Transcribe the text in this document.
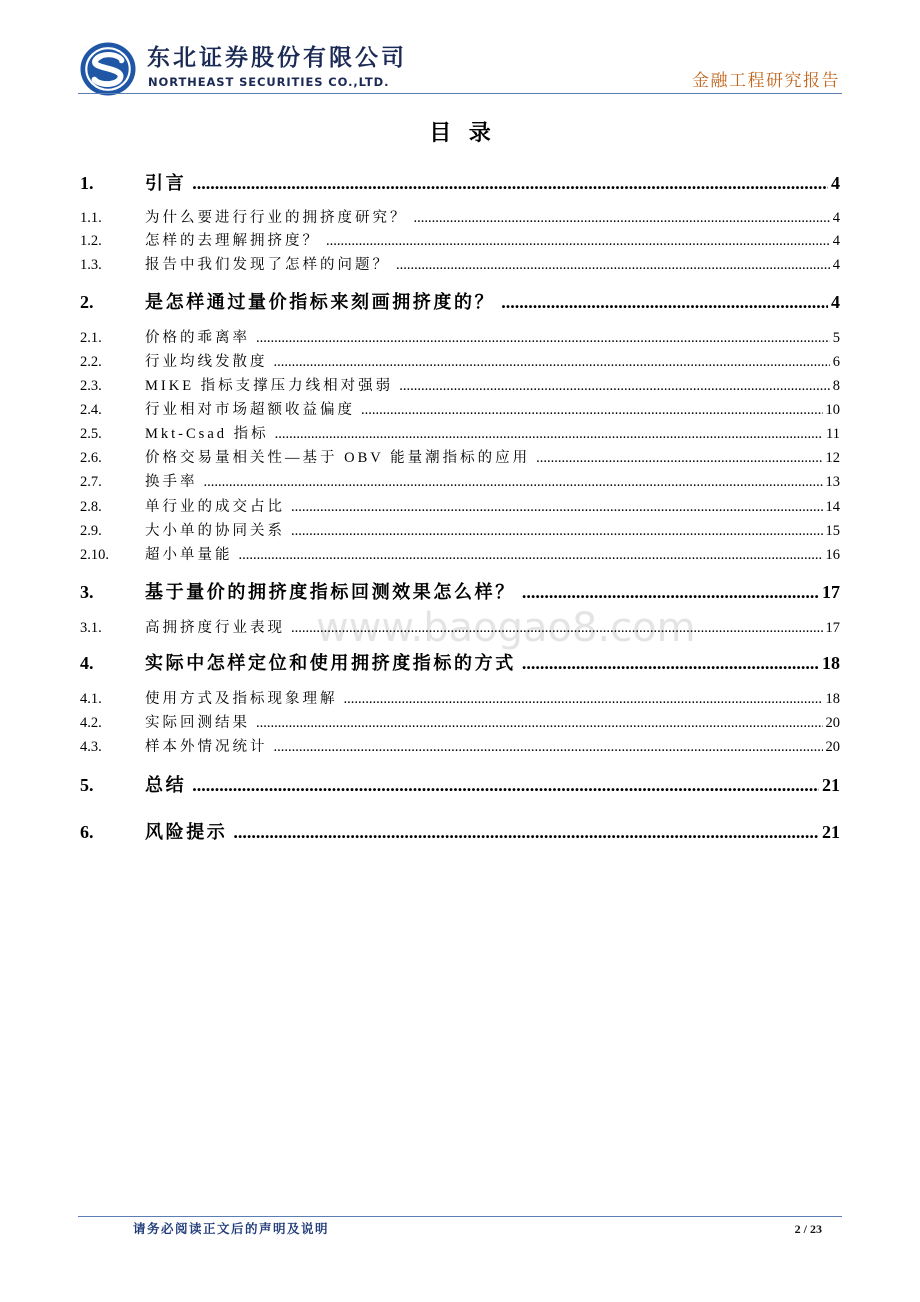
东北证券股份有限公司
NORTHEAST SECURITIES CO.,LTD.	金融工程研究报告
目 录
www.baogao8.com
1.	引言 .....	4
1.1.	为什么要进行行业的拥挤度研究？ .....	4
1.2.	怎样的去理解拥挤度？ .....	4
1.3.	报告中我们发现了怎样的问题？ .....	4
2.	是怎样通过量价指标来刻画拥挤度的？ .....	4
2.1.	价格的乖离率 .....	5
2.2.	行业均线发散度 .....	6
2.3.	MIKE 指标支撑压力线相对强弱 .....	8
2.4.	行业相对市场超额收益偏度 .....	10
2.5.	Mkt-Csad 指标 .....	11
2.6.	价格交易量相关性—基于 OBV 能量潮指标的应用 .....	12
2.7.	换手率 .....	13
2.8.	单行业的成交占比 .....	14
2.9.	大小单的协同关系 .....	15
2.10.	超小单量能 .....	16
3.	基于量价的拥挤度指标回测效果怎么样？ .....	17
3.1.	高拥挤度行业表现 .....	17
4.	实际中怎样定位和使用拥挤度指标的方式 .....	18
4.1.	使用方式及指标现象理解 .....	18
4.2.	实际回测结果 .....	20
4.3.	样本外情况统计 .....	20
5.	总结 .....	21
6.	风险提示 .....	21
请务必阅读正文后的声明及说明	2 / 23
